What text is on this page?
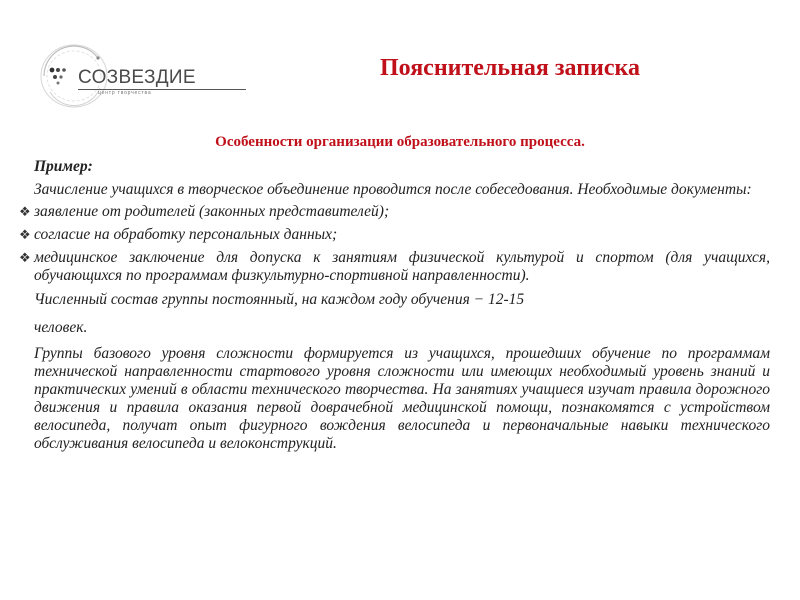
СОЗВЕЗДИЕ
центр творчества
Пояснительная записка
Особенности организации образовательного процесса.

Пример:

Зачисление учащихся в творческое объединение проводится после собеседования. Необходимые документы:

❖ заявление от родителей (законных представителей);
❖ согласие на обработку персональных данных;
❖ медицинское заключение для допуска к занятиям физической культурой и спортом (для учащихся, обучающихся по программам физкультурно-спортивной направленности).

Численный состав группы постоянный, на каждом году обучения − 12-15

человек.

Группы базового уровня сложности формируется из учащихся, прошедших обучение по программам технической направленности стартового уровня сложности или имеющих необходимый уровень знаний и практических умений в области технического творчества. На занятиях учащиеся изучат правила дорожного движения и правила оказания первой доврачебной медицинской помощи, познакомятся с устройством велосипеда, получат опыт фигурного вождения велосипеда и первоначальные навыки технического обслуживания велосипеда и велоконструкций.
